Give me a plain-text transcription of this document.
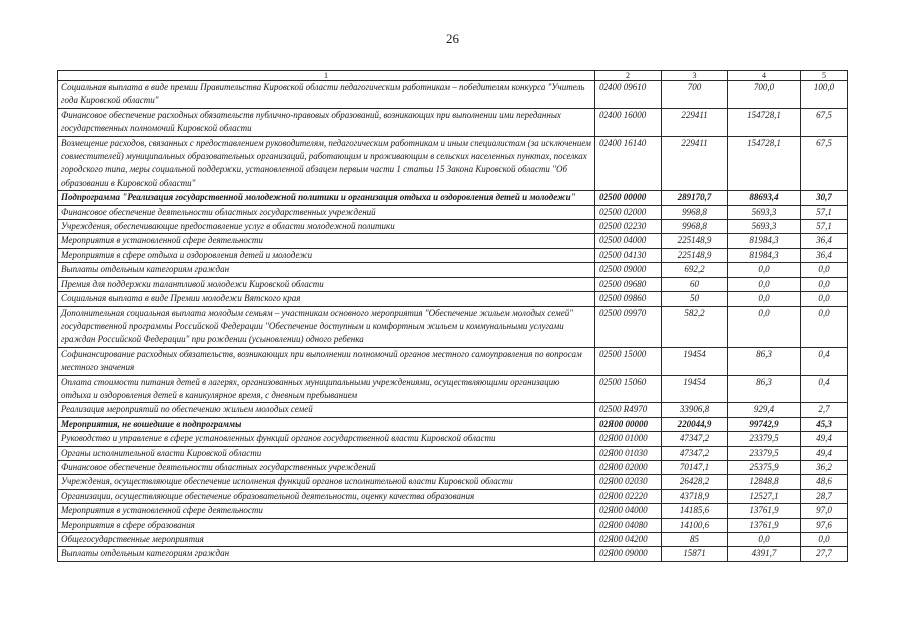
26
1	2	3	4	5
Социальная выплата в виде премии Правительства Кировской области педагогическим работникам – победителям конкурса "Учитель года Кировской области"	02400 09610	700	700,0	100,0
Финансовое обеспечение расходных обязательств публично-правовых образований, возникающих при выполнении ими переданных государственных полномочий Кировской области	02400 16000	229411	154728,1	67,5
Возмещение расходов, связанных с предоставлением руководителям, педагогическим работникам и иным специалистам (за исключением совместителей) муниципальных образовательных организаций, работающим и проживающим в сельских населенных пунктах, поселках городского типа, меры социальной поддержки, установленной абзацем первым части 1 статьи 15 Закона Кировской области "Об образовании в Кировской области"	02400 16140	229411	154728,1	67,5
Подпрограмма "Реализация государственной молодежной политики и организация отдыха и оздоровления детей и молодежи"	02500 00000	289170,7	88693,4	30,7
Финансовое обеспечение деятельности областных государственных учреждений	02500 02000	9968,8	5693,3	57,1
Учреждения, обеспечивающие предоставление услуг в области молодежной политики	02500 02230	9968,8	5693,3	57,1
Мероприятия в установленной сфере деятельности	02500 04000	225148,9	81984,3	36,4
Мероприятия в сфере отдыха и оздоровления детей и молодежи	02500 04130	225148,9	81984,3	36,4
Выплаты отдельным категориям граждан	02500 09000	692,2	0,0	0,0
Премия для поддержки талантливой молодежи Кировской области	02500 09680	60	0,0	0,0
Социальная выплата в виде Премии молодежи Вятского края	02500 09860	50	0,0	0,0
Дополнительная социальная выплата молодым семьям – участникам основного мероприятия "Обеспечение жильем молодых семей" государственной программы Российской Федерации "Обеспечение доступным и комфортным жильем и коммунальными услугами граждан Российской Федерации" при рождении (усыновлении) одного ребенка	02500 09970	582,2	0,0	0,0
Софинансирование расходных обязательств, возникающих при выполнении полномочий органов местного самоуправления по вопросам местного значения	02500 15000	19454	86,3	0,4
Оплата стоимости питания детей в лагерях, организованных муниципальными учреждениями, осуществляющими организацию отдыха и оздоровления детей в каникулярное время, с дневным пребыванием	02500 15060	19454	86,3	0,4
Реализация мероприятий по обеспечению жильем молодых семей	02500 R4970	33906,8	929,4	2,7
Мероприятия, не вошедшие в подпрограммы	02Я00 00000	220044,9	99742,9	45,3
Руководство и управление в сфере установленных функций органов государственной власти Кировской области	02Я00 01000	47347,2	23379,5	49,4
Органы исполнительной власти Кировской области	02Я00 01030	47347,2	23379,5	49,4
Финансовое обеспечение деятельности областных государственных учреждений	02Я00 02000	70147,1	25375,9	36,2
Учреждения, осуществляющие обеспечение исполнения функций органов исполнительной власти Кировской области	02Я00 02030	26428,2	12848,8	48,6
Организации, осуществляющие обеспечение образовательной деятельности, оценку качества образования	02Я00 02220	43718,9	12527,1	28,7
Мероприятия в установленной сфере деятельности	02Я00 04000	14185,6	13761,9	97,0
Мероприятия в сфере образования	02Я00 04080	14100,6	13761,9	97,6
Общегосударственные мероприятия	02Я00 04200	85	0,0	0,0
Выплаты отдельным категориям граждан	02Я00 09000	15871	4391,7	27,7
